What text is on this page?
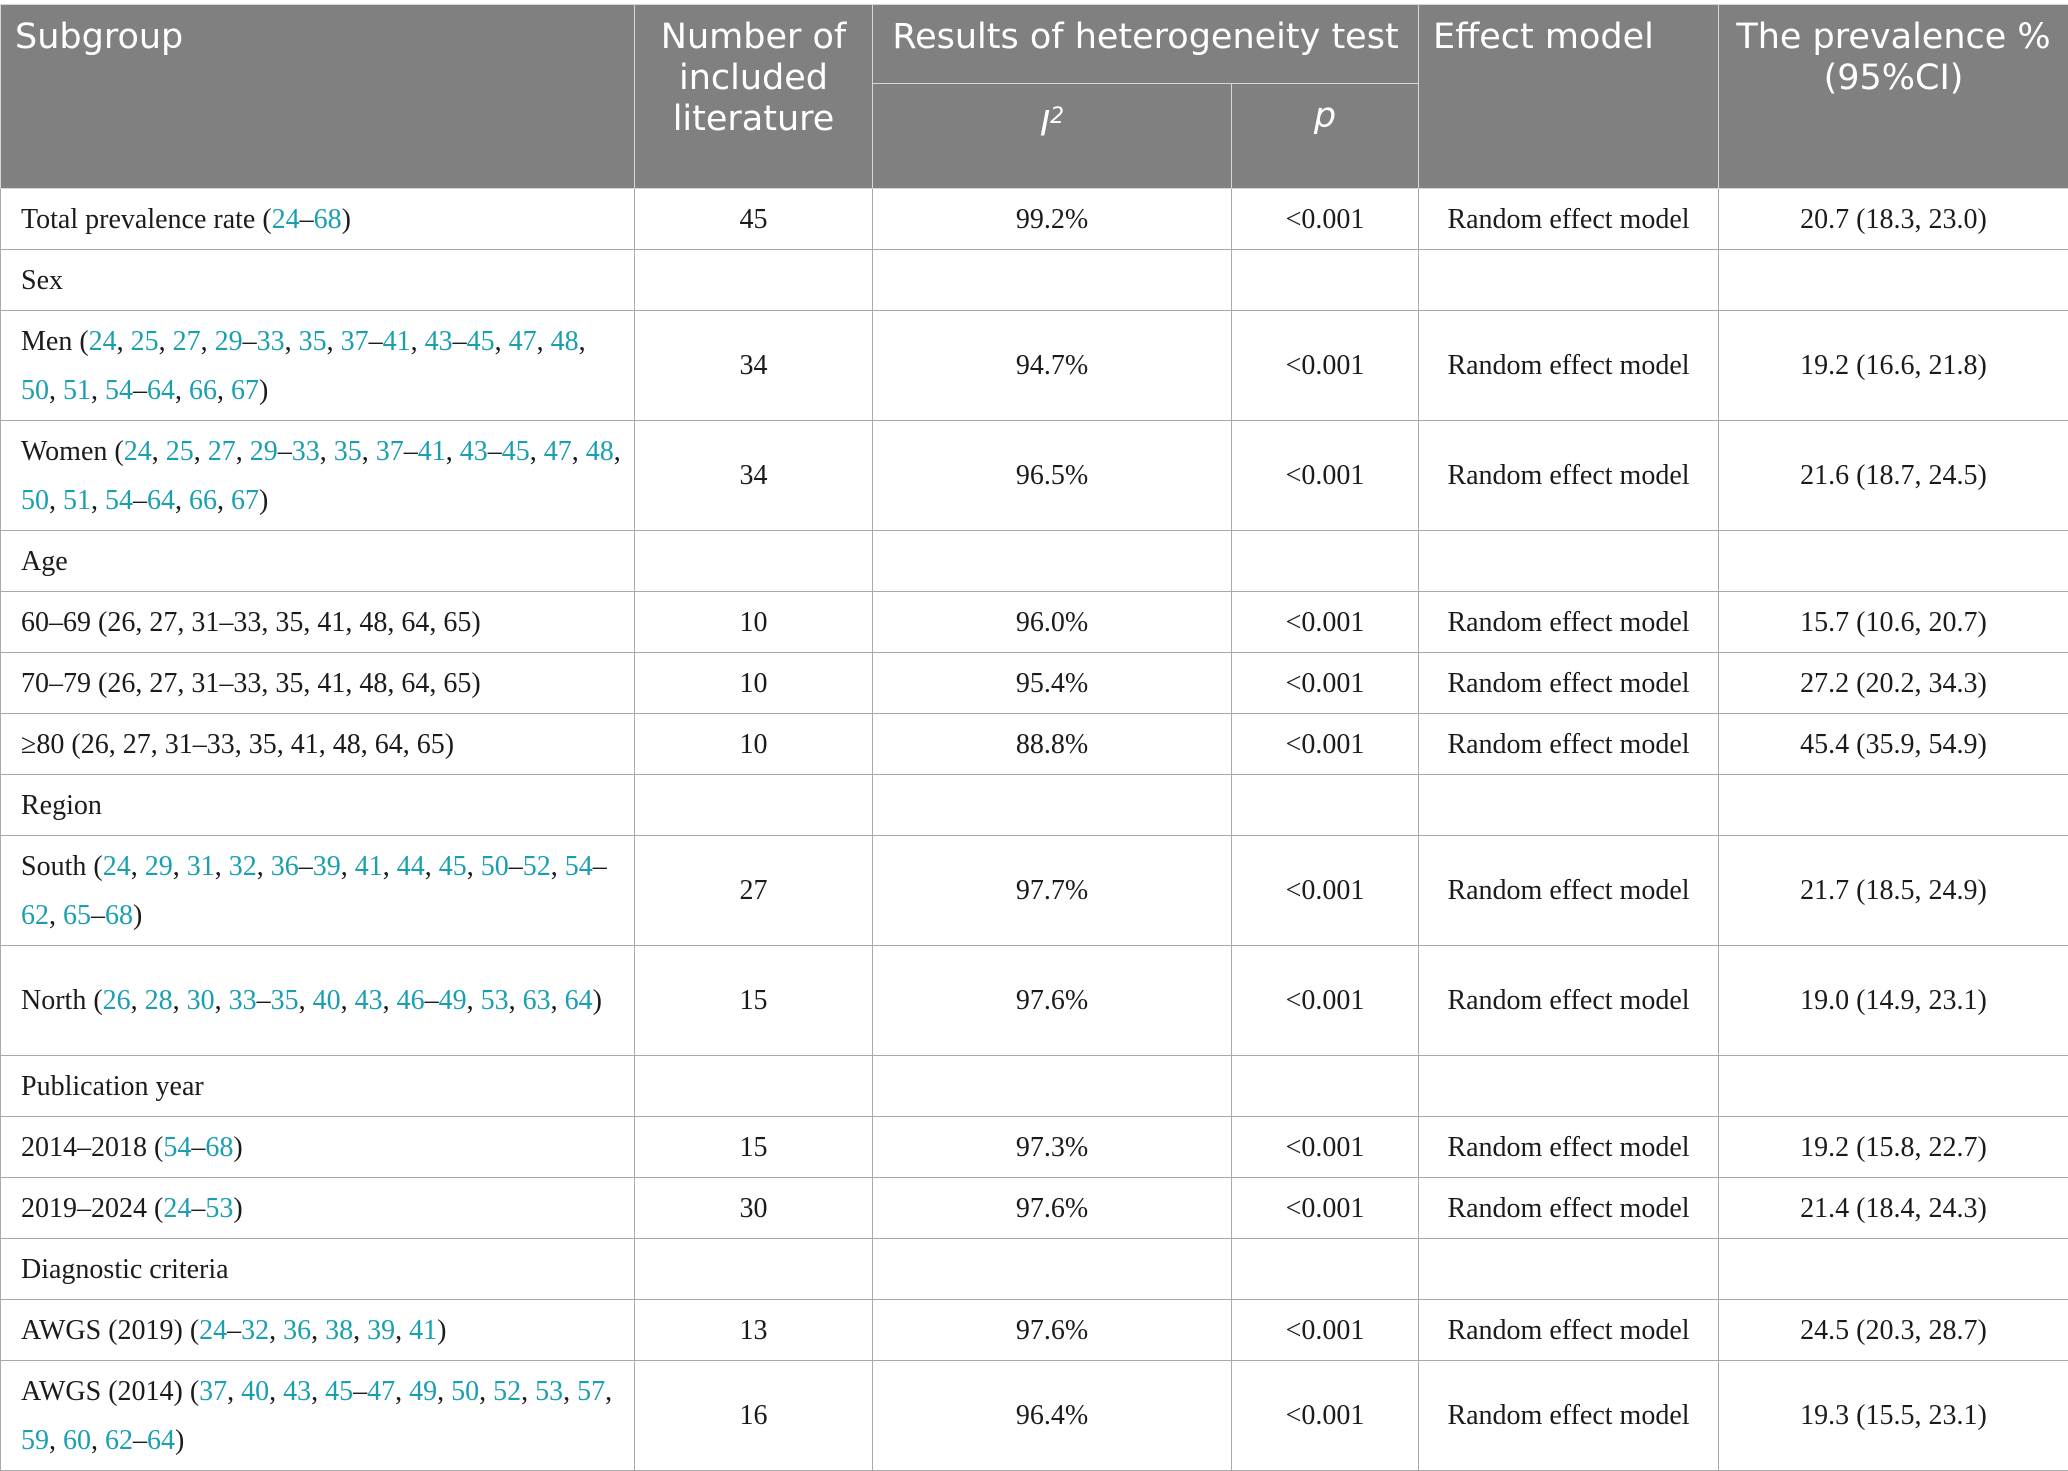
Subgroup	Number of included literature	Results of heterogeneity test		Effect model	The prevalence % (95%CI)
		$I^2$	p		
Total prevalence rate (24–68)	45	99.2%	<0.001	Random effect model	20.7 (18.3, 23.0)
Sex					
Men (24, 25, 27, 29–33, 35, 37–41, 43–45, 47, 48, 50, 51, 54–64, 66, 67)	34	94.7%	<0.001	Random effect model	19.2 (16.6, 21.8)
Women (24, 25, 27, 29–33, 35, 37–41, 43–45, 47, 48, 50, 51, 54–64, 66, 67)	34	96.5%	<0.001	Random effect model	21.6 (18.7, 24.5)
Age					
60–69 (26, 27, 31–33, 35, 41, 48, 64, 65)	10	96.0%	<0.001	Random effect model	15.7 (10.6, 20.7)
70–79 (26, 27, 31–33, 35, 41, 48, 64, 65)	10	95.4%	<0.001	Random effect model	27.2 (20.2, 34.3)
≥80 (26, 27, 31–33, 35, 41, 48, 64, 65)	10	88.8%	<0.001	Random effect model	45.4 (35.9, 54.9)
Region					
South (24, 29, 31, 32, 36–39, 41, 44, 45, 50–52, 54–62, 65–68)	27	97.7%	<0.001	Random effect model	21.7 (18.5, 24.9)
North (26, 28, 30, 33–35, 40, 43, 46–49, 53, 63, 64)	15	97.6%	<0.001	Random effect model	19.0 (14.9, 23.1)
Publication year					
2014–2018 (54–68)	15	97.3%	<0.001	Random effect model	19.2 (15.8, 22.7)
2019–2024 (24–53)	30	97.6%	<0.001	Random effect model	21.4 (18.4, 24.3)
Diagnostic criteria					
AWGS (2019) (24–32, 36, 38, 39, 41)	13	97.6%	<0.001	Random effect model	24.5 (20.3, 28.7)
AWGS (2014) (37, 40, 43, 45–47, 49, 50, 52, 53, 57, 59, 60, 62–64)	16	96.4%	<0.001	Random effect model	19.3 (15.5, 23.1)
